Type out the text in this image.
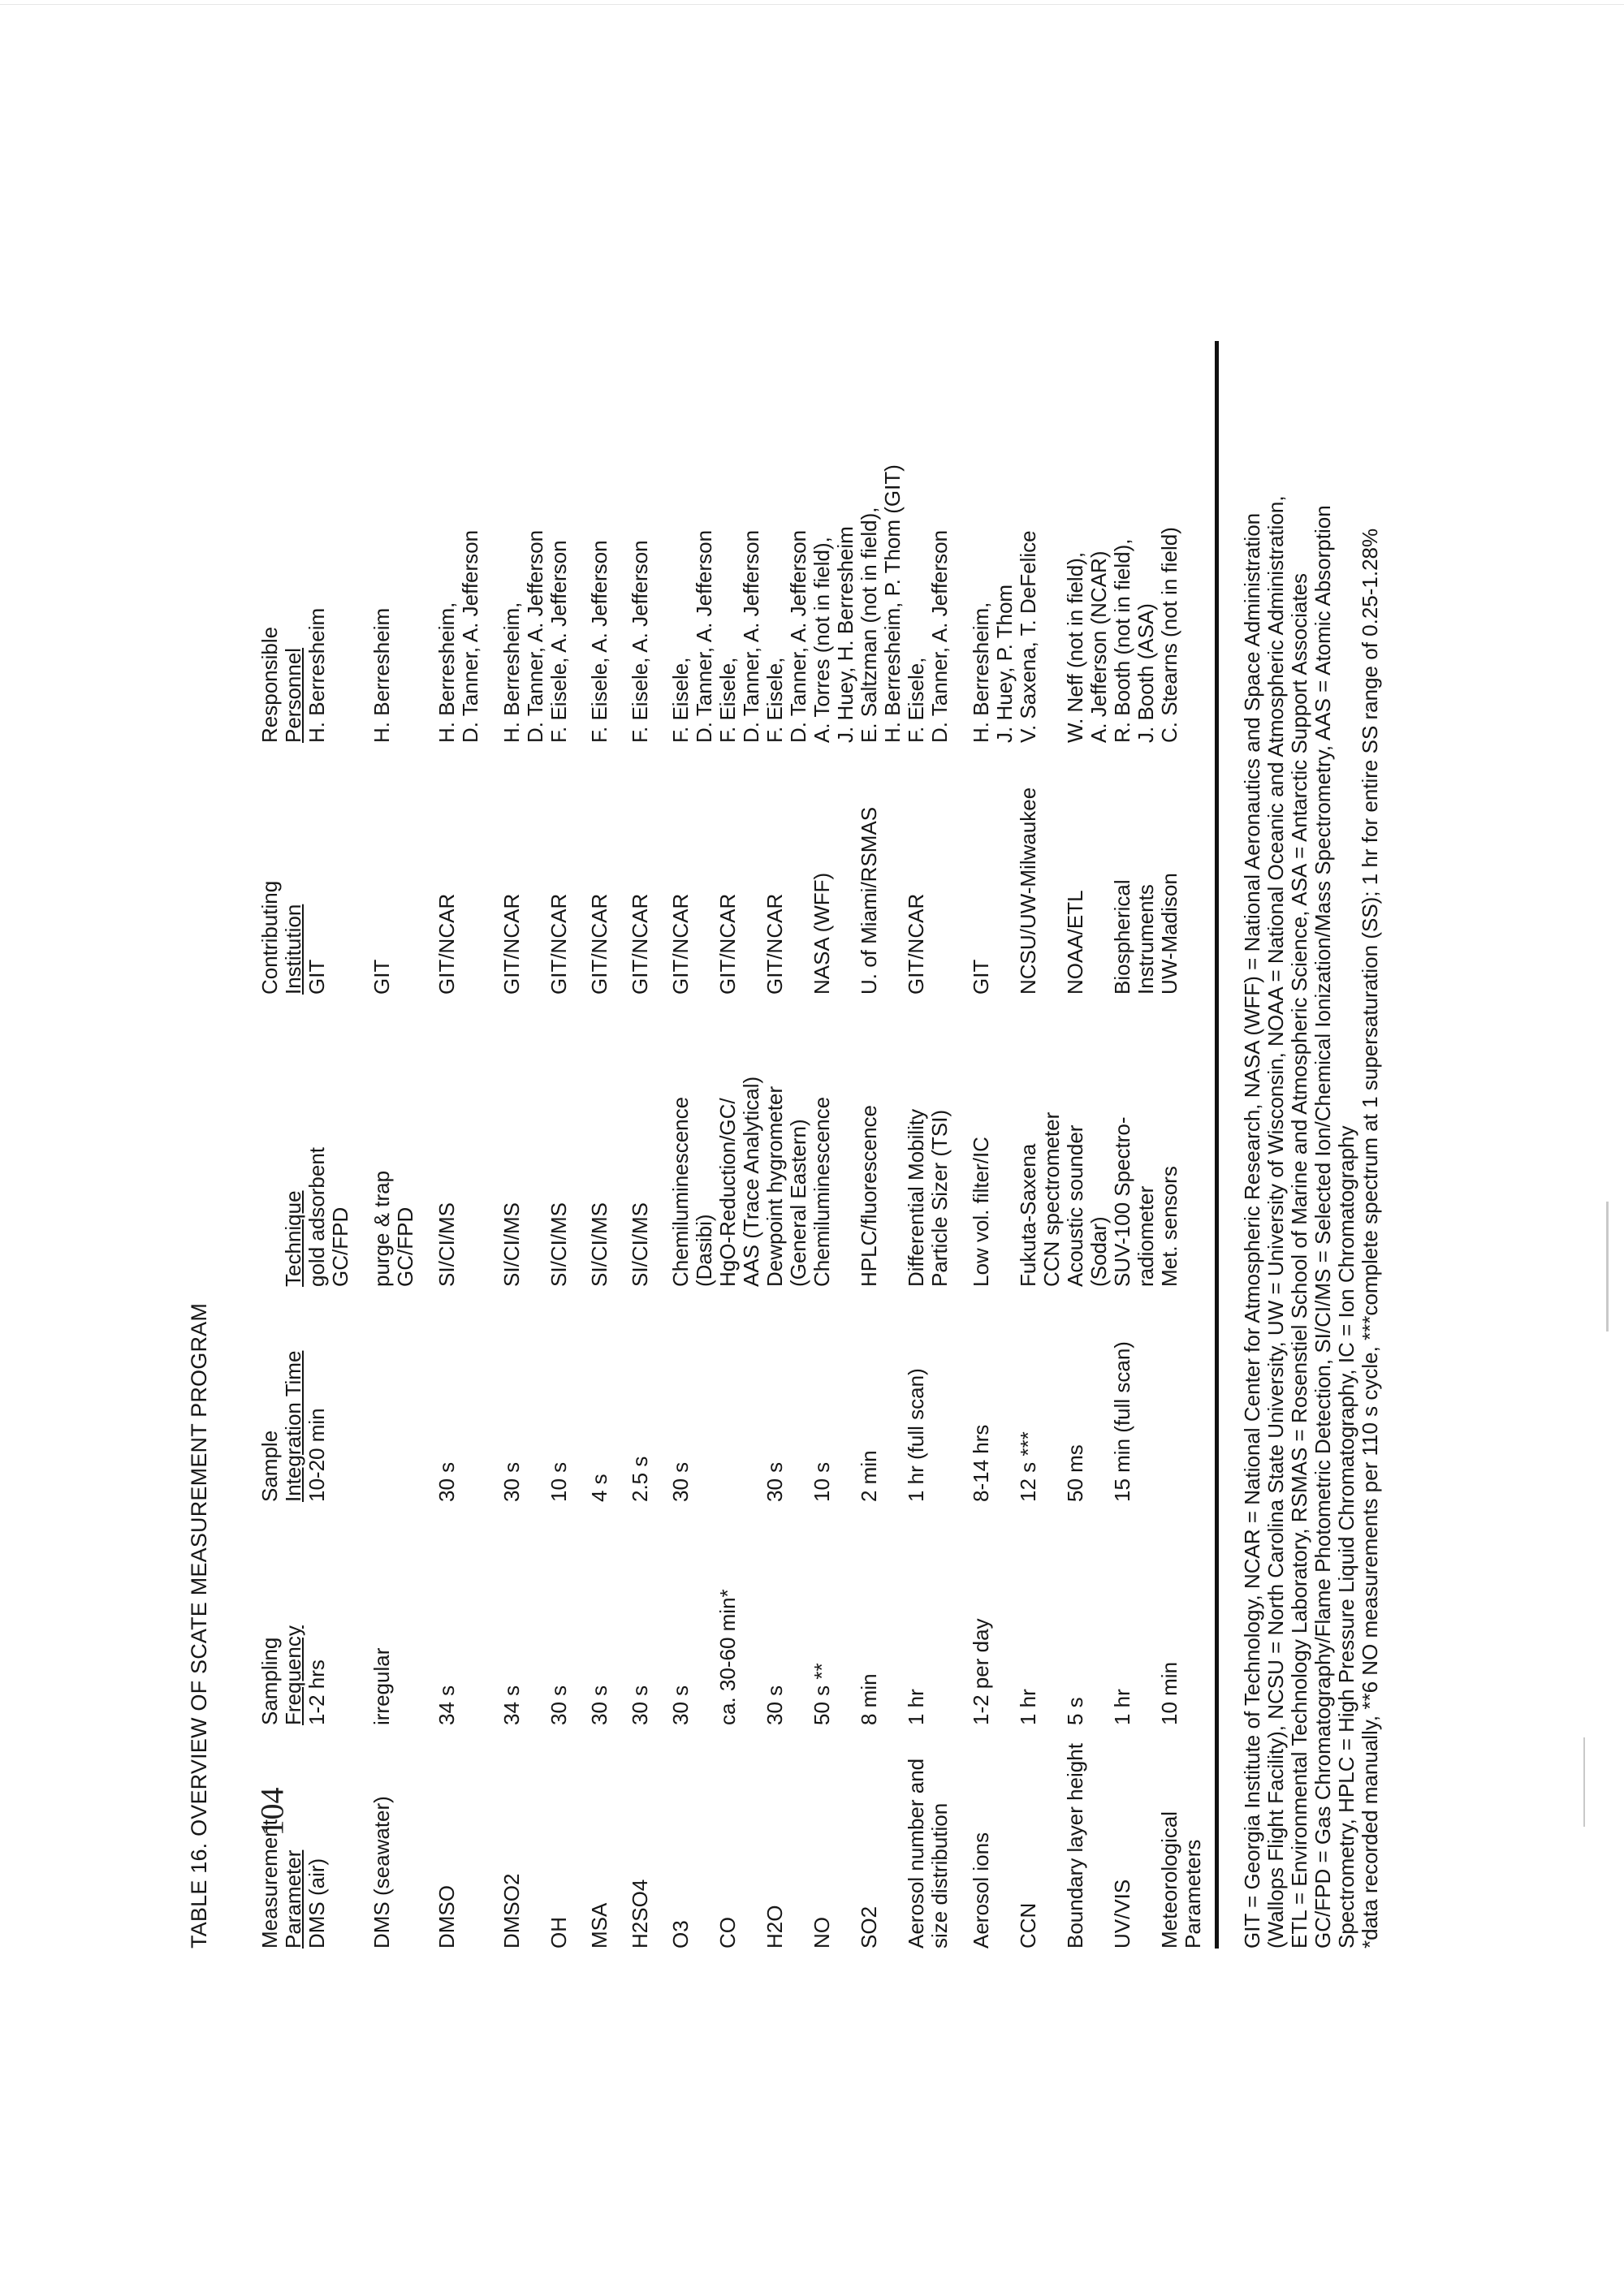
104
TABLE 16. OVERVIEW OF SCATE MEASUREMENT PROGRAM Measurement Parameter	Sampling Frequency	Sample Integration Time	Technique	Contributing Institution	Responsible Personnel

DMS (air)	1-2 hrs	10-20 min	gold adsorbent GC/FPD	GIT	H. Berresheim

DMS (seawater)	irregular		purge & trap GC/FPD	GIT	H. Berresheim

DMSO	34 s	30 s	SI/CI/MS	GIT/NCAR	H. Berresheim, D. Tanner, A. Jefferson

DMSO2	34 s	30 s	SI/CI/MS	GIT/NCAR	H. Berresheim, D. Tanner, A. Jefferson

OH	30 s	10 s	SI/CI/MS	GIT/NCAR	F. Eisele, A. Jefferson

MSA	30 s	4 s	SI/CI/MS	GIT/NCAR	F. Eisele, A. Jefferson

H2SO4	30 s	2.5 s	SI/CI/MS	GIT/NCAR	F. Eisele, A. Jefferson

O3	30 s	30 s	Chemiluminescence (Dasibi)	GIT/NCAR	F. Eisele, D. Tanner, A. Jefferson

CO	ca. 30-60 min*		HgO-Reduction/GC/ AAS (Trace Analytical)	GIT/NCAR	F. Eisele, D. Tanner, A. Jefferson

H2O	30 s	30 s	Dewpoint hygrometer (General Eastern)	GIT/NCAR	F. Eisele, D. Tanner, A. Jefferson

NO	50 s **	10 s	Chemiluminescence	NASA (WFF)	A. Torres (not in field), J. Huey, H. Berresheim

SO2	8 min	2 min	HPLC/fluorescence	U. of Miami/RSMAS	E. Saltzman (not in field), H. Berresheim, P. Thom (GIT)

Aerosol number and size distribution	1 hr	1 hr (full scan)	Differential Mobility Particle Sizer (TSI)	GIT/NCAR	F. Eisele, D. Tanner, A. Jefferson

Aerosol ions	1-2 per day	8-14 hrs	Low vol. filter/IC	GIT	H. Berresheim, J. Huey, P. Thom

CCN	1 hr	12 s ***	Fukuta-Saxena CCN spectrometer	NCSU/UW-Milwaukee	V. Saxena, T. DeFelice

Boundary layer height	5 s	50 ms	Acoustic sounder (Sodar)	NOAA/ETL	W. Neff (not in field), A. Jefferson (NCAR)

UV/VIS	1 hr	15 min (full scan)	SUV-100 Spectro- radiometer	Biospherical Instruments	R. Booth (not in field), J. Booth (ASA)

Meteorological Parameters	10 min		Met. sensors	UW-Madison	C. Stearns (not in field)	GIT = Georgia Institute of Technology, NCAR = National Center for Atmospheric Research, NASA (WFF) = National Aeronautics and Space Administration (Wallops Flight Facility), NCSU = North Carolina State University, UW = University of Wisconsin, NOAA = National Oceanic and Atmospheric Administration, ETL = Environmental Technology Laboratory, RSMAS = Rosenstiel School of Marine and Atmospheric Science, ASA = Antarctic Support Associates GC/FPD = Gas Chromatography/Flame Photometric Detection, SI/CI/MS = Selected Ion/Chemical Ionization/Mass Spectrometry, AAS = Atomic Absorption Spectrometry, HPLC = High Pressure Liquid Chromatography, IC = Ion Chromatography *data recorded manually, **6 NO measurements per 110 s cycle, ***complete spectrum at 1 supersaturation (SS); 1 hr for entire SS range of 0.25-1.28%
